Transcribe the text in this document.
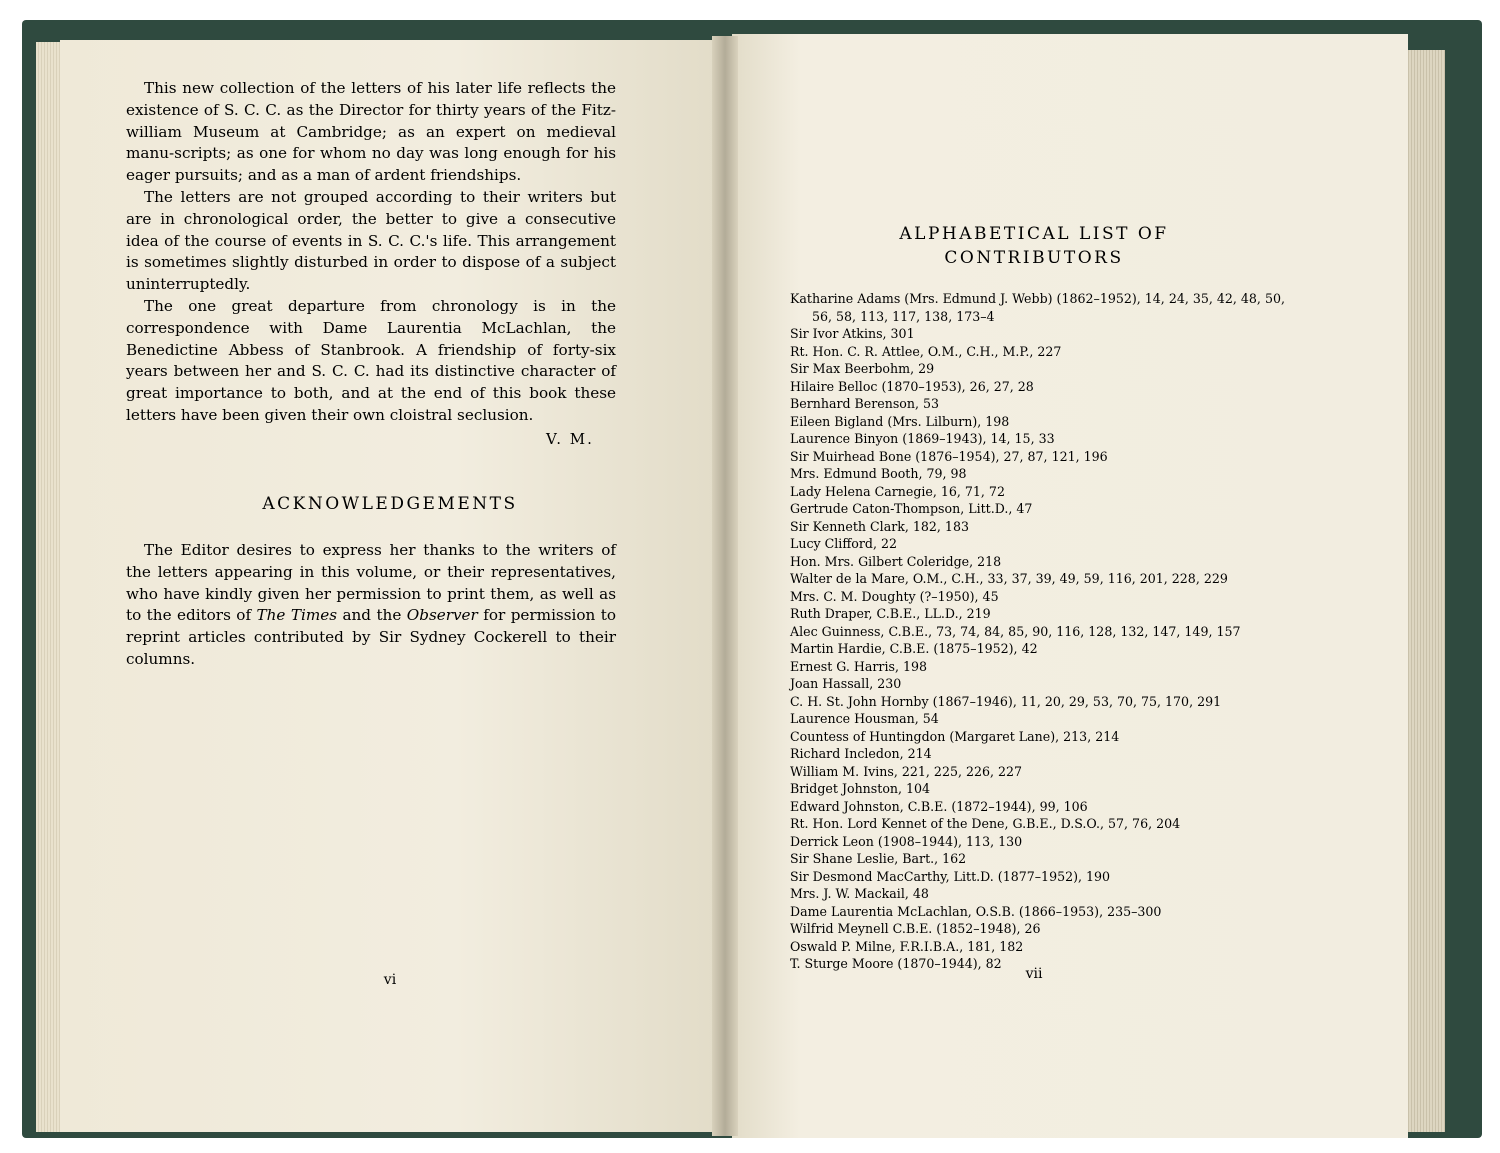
This new collection of the letters of his later life reflects the existence of S. C. C. as the Director for thirty years of the Fitz-william Museum at Cambridge; as an expert on medieval manu-scripts; as one for whom no day was long enough for his eager pursuits; and as a man of ardent friendships.

The letters are not grouped according to their writers but are in chronological order, the better to give a consecutive idea of the course of events in S. C. C.'s life. This arrangement is sometimes slightly disturbed in order to dispose of a subject uninterruptedly.

The one great departure from chronology is in the correspondence with Dame Laurentia McLachlan, the Benedictine Abbess of Stanbrook. A friendship of forty-six years between her and S. C. C. had its distinctive character of great importance to both, and at the end of this book these letters have been given their own cloistral seclusion.

V. M.
ACKNOWLEDGEMENTS

The Editor desires to express her thanks to the writers of the letters appearing in this volume, or their representatives, who have kindly given her permission to print them, as well as to the editors of The Times and the Observer for permission to reprint articles contributed by Sir Sydney Cockerell to their columns.

vi
ALPHABETICAL LIST OF
CONTRIBUTORS
Katharine Adams (Mrs. Edmund J. Webb) (1862–1952), 14, 24, 35, 42, 48, 50, 56, 58, 113, 117, 138, 173–4
Sir Ivor Atkins, 301
Rt. Hon. C. R. Attlee, O.M., C.H., M.P., 227
Sir Max Beerbohm, 29
Hilaire Belloc (1870–1953), 26, 27, 28
Bernhard Berenson, 53
Eileen Bigland (Mrs. Lilburn), 198
Laurence Binyon (1869–1943), 14, 15, 33
Sir Muirhead Bone (1876–1954), 27, 87, 121, 196
Mrs. Edmund Booth, 79, 98
Lady Helena Carnegie, 16, 71, 72
Gertrude Caton-Thompson, Litt.D., 47
Sir Kenneth Clark, 182, 183
Lucy Clifford, 22
Hon. Mrs. Gilbert Coleridge, 218
Walter de la Mare, O.M., C.H., 33, 37, 39, 49, 59, 116, 201, 228, 229
Mrs. C. M. Doughty (?–1950), 45
Ruth Draper, C.B.E., LL.D., 219
Alec Guinness, C.B.E., 73, 74, 84, 85, 90, 116, 128, 132, 147, 149, 157
Martin Hardie, C.B.E. (1875–1952), 42
Ernest G. Harris, 198
Joan Hassall, 230
C. H. St. John Hornby (1867–1946), 11, 20, 29, 53, 70, 75, 170, 291
Laurence Housman, 54
Countess of Huntingdon (Margaret Lane), 213, 214
Richard Incledon, 214
William M. Ivins, 221, 225, 226, 227
Bridget Johnston, 104
Edward Johnston, C.B.E. (1872–1944), 99, 106
Rt. Hon. Lord Kennet of the Dene, G.B.E., D.S.O., 57, 76, 204
Derrick Leon (1908–1944), 113, 130
Sir Shane Leslie, Bart., 162
Sir Desmond MacCarthy, Litt.D. (1877–1952), 190
Mrs. J. W. Mackail, 48
Dame Laurentia McLachlan, O.S.B. (1866–1953), 235–300
Wilfrid Meynell C.B.E. (1852–1948), 26
Oswald P. Milne, F.R.I.B.A., 181, 182
T. Sturge Moore (1870–1944), 82
vii
